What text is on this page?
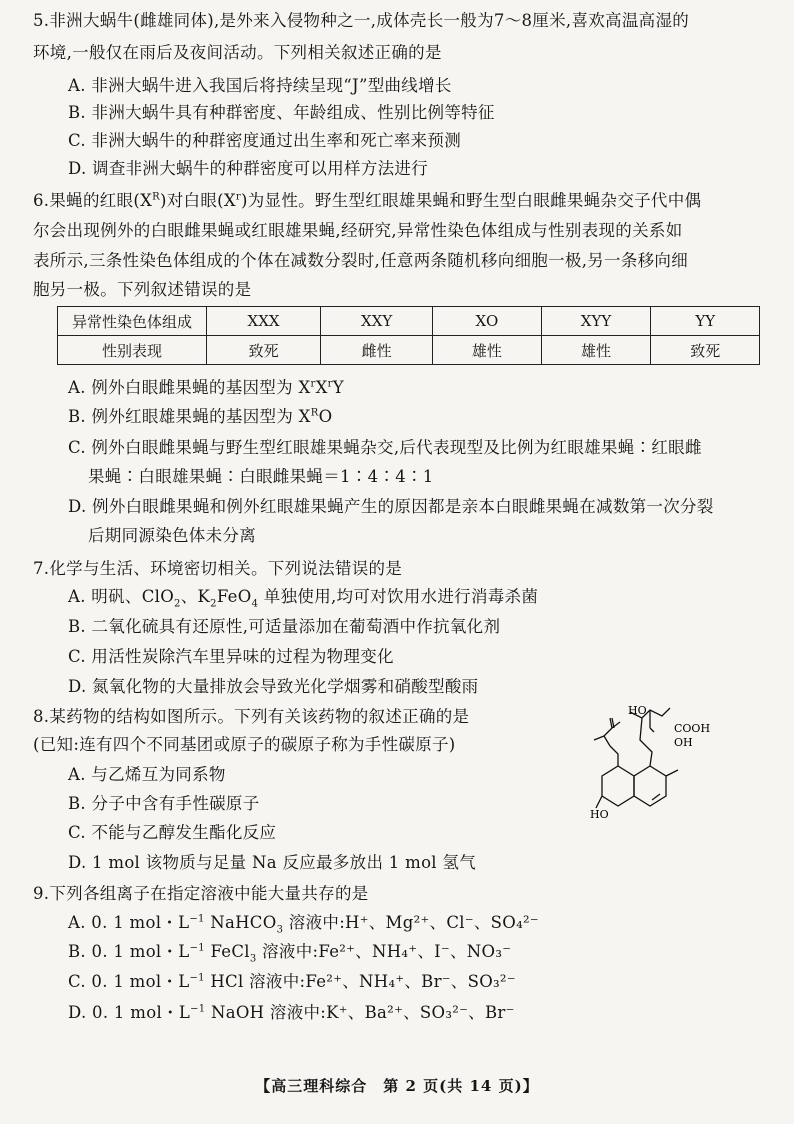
5.非洲大蜗牛(雌雄同体),是外来入侵物种之一,成体壳长一般为7～8厘米,喜欢高温高湿的
环境,一般仅在雨后及夜间活动。下列相关叙述正确的是
A. 非洲大蜗牛进入我国后将持续呈现“J”型曲线增长
B. 非洲大蜗牛具有种群密度、年龄组成、性别比例等特征
C. 非洲大蜗牛的种群密度通过出生率和死亡率来预测
D. 调查非洲大蜗牛的种群密度可以用样方法进行
6.果蝇的红眼$(X^R)$对白眼$(X^r)$为显性。野生型红眼雄果蝇和野生型白眼雌果蝇杂交子代中偶
尔会出现例外的白眼雌果蝇或红眼雄果蝇,经研究,异常性染色体组成与性别表现的关系如
表所示,三条性染色体组成的个体在减数分裂时,任意两条随机移向细胞一极,另一条移向细
胞另一极。下列叙述错误的是
异常性染色体组成	XXX	XXY	XO	XYY	YY
性别表现	致死	雌性	雄性	雄性	致死
A. 例外白眼雌果蝇的基因型为 $X^rX^rY$
B. 例外红眼雄果蝇的基因型为 $X^RO$
C. 例外白眼雌果蝇与野生型红眼雄果蝇杂交,后代表现型及比例为红眼雄果蝇∶红眼雌
果蝇∶白眼雄果蝇∶白眼雌果蝇＝1∶4∶4∶1
D. 例外白眼雌果蝇和例外红眼雄果蝇产生的原因都是亲本白眼雌果蝇在减数第一次分裂
后期同源染色体未分离
7.化学与生活、环境密切相关。下列说法错误的是
A. 明矾、ClO$_2$、$K_2FeO_4$ 单独使用,均可对饮用水进行消毒杀菌
B. 二氧化硫具有还原性,可适量添加在葡萄酒中作抗氧化剂
C. 用活性炭除汽车里异味的过程为物理变化
D. 氮氧化物的大量排放会导致光化学烟雾和硝酸型酸雨
8.某药物的结构如图所示。下列有关该药物的叙述正确的是
(已知:连有四个不同基团或原子的碳原子称为手性碳原子)
A. 与乙烯互为同系物
B. 分子中含有手性碳原子
C. 不能与乙醇发生酯化反应
D. 1 mol 该物质与足量 Na 反应最多放出 1 mol 氢气
HO
COOH
OH
HO
9.下列各组离子在指定溶液中能大量共存的是
A. 0. 1 mol・$L^{-1}$ NaHCO$_3$ 溶液中:H⁺、Mg²⁺、Cl⁻、SO₄²⁻
B. 0. 1 mol・$L^{-1}$ FeCl$_3$ 溶液中:Fe²⁺、NH₄⁺、I⁻、NO₃⁻
C. 0. 1 mol・$L^{-1}$ HCl 溶液中:Fe²⁺、NH₄⁺、Br⁻、SO₃²⁻
D. 0. 1 mol・$L^{-1}$ NaOH 溶液中:K⁺、Ba²⁺、SO₃²⁻、Br⁻
【高三理科综合　第 2 页(共 14 页)】
